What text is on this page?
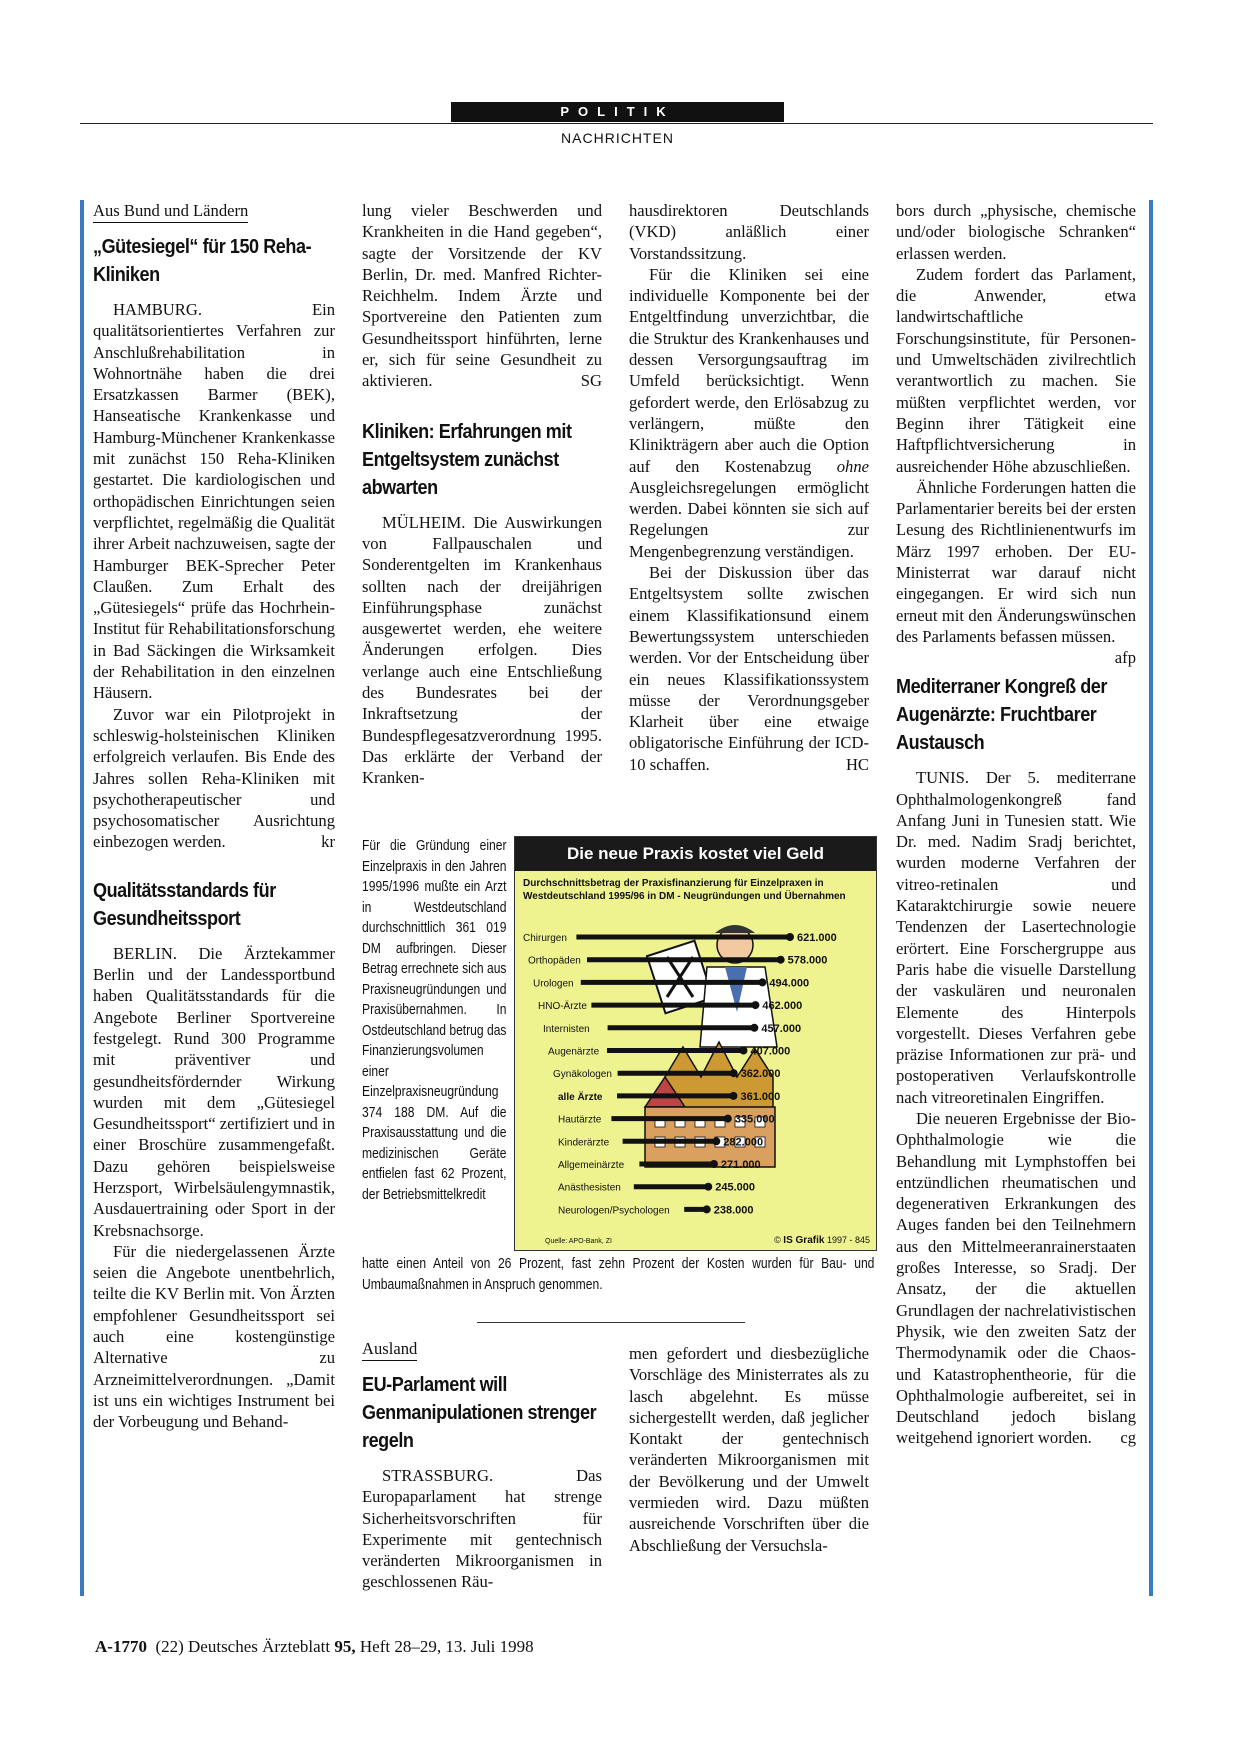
POLITIK
NACHRICHTEN
Aus Bund und Ländern
„Gütesiegel“ für 150 Reha-Kliniken

HAMBURG. Ein qualitätsorientiertes Verfahren zur Anschlußrehabilitation in Wohnortnähe haben die drei Ersatzkassen Barmer (BEK), Hanseatische Krankenkasse und Hamburg-Münchener Krankenkasse mit zunächst 150 Reha-Kliniken gestartet. Die kardiologischen und orthopädischen Einrichtungen seien verpflichtet, regelmäßig die Qualität ihrer Arbeit nachzuweisen, sagte der Hamburger BEK-Sprecher Peter Claußen. Zum Erhalt des „Gütesiegels“ prüfe das Hochrhein-Institut für Rehabilitationsforschung in Bad Säckingen die Wirksamkeit der Rehabilitation in den einzelnen Häusern.

Zuvor war ein Pilotprojekt in schleswig-holsteinischen Kliniken erfolgreich verlaufen. Bis Ende des Jahres sollen Reha-Kliniken mit psychotherapeutischer und psychosomatischer Ausrichtung einbezogen werden.	kr

Qualitätsstandards für Gesundheitssport

BERLIN. Die Ärztekammer Berlin und der Landessportbund haben Qualitätsstandards für die Angebote Berliner Sportvereine festgelegt. Rund 300 Programme mit präventiver und gesundheitsfördernder Wirkung wurden mit dem „Gütesiegel Gesundheitssport“ zertifiziert und in einer Broschüre zusammengefaßt. Dazu gehören beispielsweise Herzsport, Wirbelsäulengymnastik, Ausdauertraining oder Sport in der Krebsnachsorge.

Für die niedergelassenen Ärzte seien die Angebote unentbehrlich, teilte die KV Berlin mit. Von Ärzten empfohlener Gesundheitssport sei auch eine kostengünstige Alternative zu Arzneimittelverordnungen. „Damit ist uns ein wichtiges Instrument bei der Vorbeugung und Behand-

lung vieler Beschwerden und Krankheiten in die Hand gegeben“, sagte der Vorsitzende der KV Berlin, Dr. med. Manfred Richter-Reichhelm. Indem Ärzte und Sportvereine den Patienten zum Gesundheitssport hinführten, lerne er, sich für seine Gesundheit zu aktivieren.	SG

Kliniken: Erfahrungen mit Entgeltsystem zunächst abwarten

MÜLHEIM. Die Auswirkungen von Fallpauschalen und Sonderentgelten im Krankenhaus sollten nach der dreijährigen Einführungsphase zunächst ausgewertet werden, ehe weitere Änderungen erfolgen. Dies verlange auch eine Entschließung des Bundesrates bei der Inkraftsetzung der Bundespflegesatzverordnung 1995. Das erklärte der Verband der Kranken-

hausdirektoren Deutschlands (VKD) anläßlich einer Vorstandssitzung.

Für die Kliniken sei eine individuelle Komponente bei der Entgeltfindung unverzichtbar, die die Struktur des Krankenhauses und dessen Versorgungsauftrag im Umfeld berücksichtigt. Wenn gefordert werde, den Erlösabzug zu verlängern, müßte den Klinikträgern aber auch die Option auf den Kostenabzug ohne Ausgleichsregelungen ermöglicht werden. Dabei könnten sie sich auf Regelungen zur Mengenbegrenzung verständigen.

Bei der Diskussion über das Entgeltsystem sollte zwischen einem Klassifikationsund einem Bewertungssystem unterschieden werden. Vor der Entscheidung über ein neues Klassifikationssystem müsse der Verordnungsgeber Klarheit über eine etwaige obligatorische Einführung der ICD-10 schaffen.	HC

Für die Gründung einer Einzelpraxis in den Jahren 1995/1996 mußte ein Arzt in Westdeutschland durchschnittlich 361 019 DM aufbringen. Dieser Betrag errechnete sich aus Praxisneugründungen und Praxisübernahmen. In Ostdeutschland betrug das Finanzierungsvolumen einer Einzelpraxisneugründung 374 188 DM. Auf die Praxisausstattung und die medizinischen Geräte entfielen fast 62 Prozent, der Betriebsmittelkredit
hatte einen Anteil von 26 Prozent, fast zehn Prozent der Kosten wurden für Bau- und Umbaumaßnahmen in Anspruch genommen.
Die neue Praxis kostet viel Geld
Durchschnittsbetrag der Praxisfinanzierung für Einzelpraxen in Westdeutschland 1995/96 in DM - Neugründungen und Übernahmen
Chirurgen	621.000
Orthopäden	578.000
Urologen	494.000
HNO-Ärzte	462.000
Internisten	457.000
Augenärzte	407.000
Gynäkologen	362.000
alle Ärzte	361.000
Hautärzte	335.000
Kinderärzte	282.000
Allgemeinärzte	271.000
Anästhesisten	245.000
Neurologen/Psychologen	238.000
Quelle: APO-Bank, ZI	© IS Grafik 1997 - 845
Ausland
EU-Parlament will Genmanipulationen strenger regeln

STRASSBURG. Das Europaparlament hat strenge Sicherheitsvorschriften für Experimente mit gentechnisch veränderten Mikroorganismen in geschlossenen Räu-

men gefordert und diesbezügliche Vorschläge des Ministerrates als zu lasch abgelehnt. Es müsse sichergestellt werden, daß jeglicher Kontakt der gentechnisch veränderten Mikroorganismen mit der Bevölkerung und der Umwelt vermieden wird. Dazu müßten ausreichende Vorschriften über die Abschließung der Versuchsla-

bors durch „physische, chemische und/oder biologische Schranken“ erlassen werden.

Zudem fordert das Parlament, die Anwender, etwa landwirtschaftliche Forschungsinstitute, für Personen- und Umweltschäden zivilrechtlich verantwortlich zu machen. Sie müßten verpflichtet werden, vor Beginn ihrer Tätigkeit eine Haftpflichtversicherung in ausreichender Höhe abzuschließen.

Ähnliche Forderungen hatten die Parlamentarier bereits bei der ersten Lesung des Richtlinienentwurfs im März 1997 erhoben. Der EU-Ministerrat war darauf nicht eingegangen. Er wird sich nun erneut mit den Änderungswünschen des Parlaments befassen müssen.
afp

Mediterraner Kongreß der Augenärzte: Fruchtbarer Austausch

TUNIS. Der 5. mediterrane Ophthalmologenkongreß fand Anfang Juni in Tunesien statt. Wie Dr. med. Nadim Sradj berichtet, wurden moderne Verfahren der vitreo-retinalen und Kataraktchirurgie sowie neuere Tendenzen der Lasertechnologie erörtert. Eine Forschergruppe aus Paris habe die visuelle Darstellung der vaskulären und neuronalen Elemente des Hinterpols vorgestellt. Dieses Verfahren gebe präzise Informationen zur prä- und postoperativen Verlaufskontrolle nach vitreoretinalen Eingriffen.

Die neueren Ergebnisse der Bio-Ophthalmologie wie die Behandlung mit Lymphstoffen bei entzündlichen rheumatischen und degenerativen Erkrankungen des Auges fanden bei den Teilnehmern aus den Mittelmeeranrainerstaaten großes Interesse, so Sradj. Der Ansatz, der die aktuellen Grundlagen der nachrelativistischen Physik, wie den zweiten Satz der Thermodynamik oder die Chaos- und Katastrophentheorie, für die Ophthalmologie aufbereitet, sei in Deutschland jedoch bislang weitgehend ignoriert worden.	cg

A-1770 (22) Deutsches Ärzteblatt 95, Heft 28–29, 13. Juli 1998
